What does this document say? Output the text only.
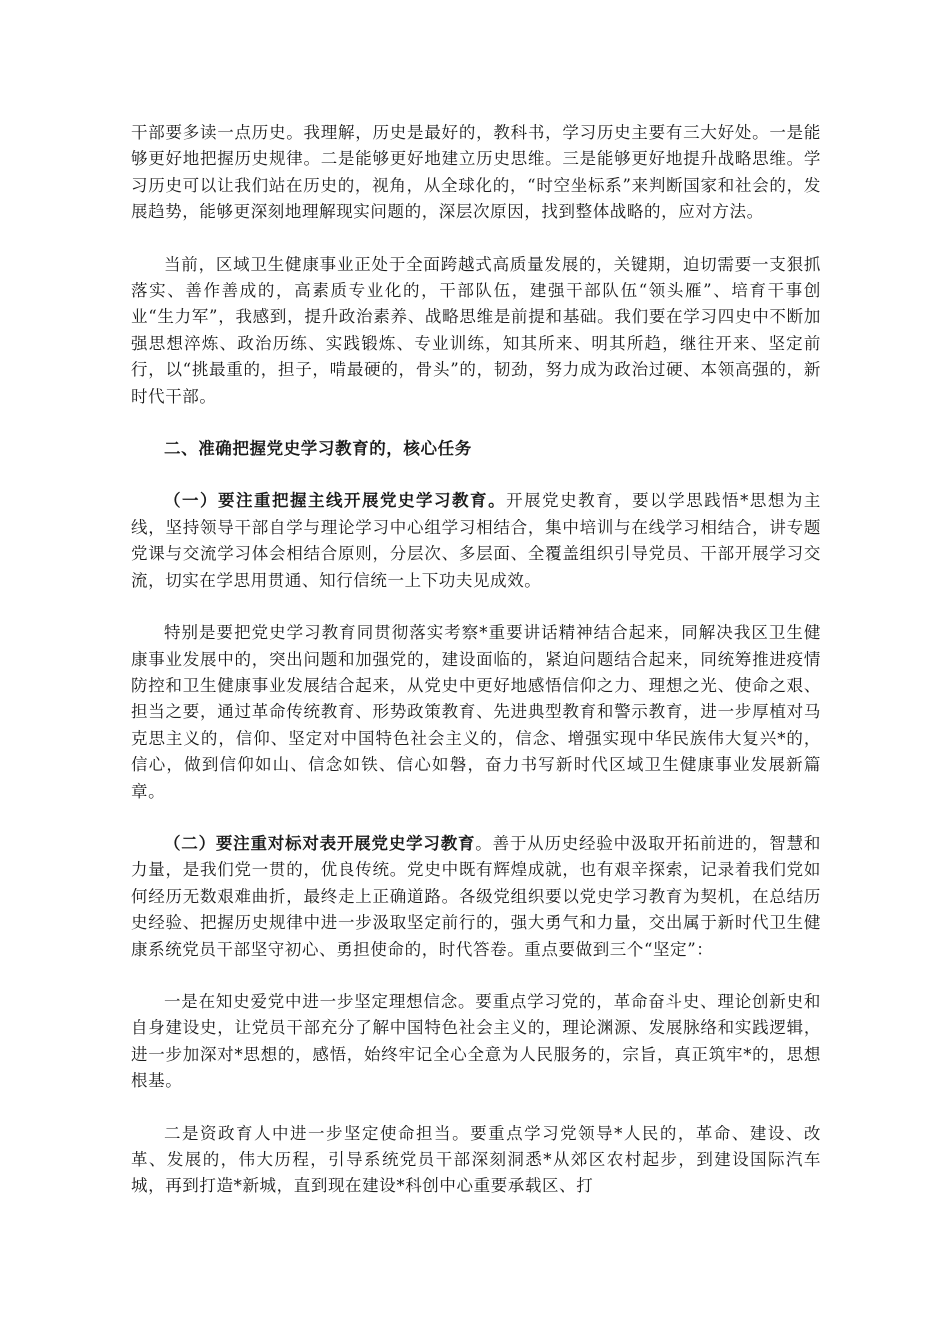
干部要多读一点历史。我理解，历史是最好的，教科书，学习历史主要有三大好处。一是能够更好地把握历史规律。二是能够更好地建立历史思维。三是能够更好地提升战略思维。学习历史可以让我们站在历史的，视角，从全球化的，“时空坐标系”来判断国家和社会的，发展趋势，能够更深刻地理解现实问题的，深层次原因，找到整体战略的，应对方法。

当前，区域卫生健康事业正处于全面跨越式高质量发展的，关键期，迫切需要一支狠抓落实、善作善成的，高素质专业化的，干部队伍，建强干部队伍“领头雁”、培育干事创业“生力军”，我感到，提升政治素养、战略思维是前提和基础。我们要在学习四史中不断加强思想淬炼、政治历练、实践锻炼、专业训练，知其所来、明其所趋，继往开来、坚定前行，以“挑最重的，担子，啃最硬的，骨头”的，韧劲，努力成为政治过硬、本领高强的，新时代干部。

二、准确把握党史学习教育的，核心任务

（一）要注重把握主线开展党史学习教育。开展党史教育，要以学思践悟*思想为主线，坚持领导干部自学与理论学习中心组学习相结合，集中培训与在线学习相结合，讲专题党课与交流学习体会相结合原则，分层次、多层面、全覆盖组织引导党员、干部开展学习交流，切实在学思用贯通、知行信统一上下功夫见成效。

特别是要把党史学习教育同贯彻落实考察*重要讲话精神结合起来，同解决我区卫生健康事业发展中的，突出问题和加强党的，建设面临的，紧迫问题结合起来，同统筹推进疫情防控和卫生健康事业发展结合起来，从党史中更好地感悟信仰之力、理想之光、使命之艰、担当之要，通过革命传统教育、形势政策教育、先进典型教育和警示教育，进一步厚植对马克思主义的，信仰、坚定对中国特色社会主义的，信念、增强实现中华民族伟大复兴*的，信心，做到信仰如山、信念如铁、信心如磐，奋力书写新时代区域卫生健康事业发展新篇章。

（二）要注重对标对表开展党史学习教育。善于从历史经验中汲取开拓前进的，智慧和力量，是我们党一贯的，优良传统。党史中既有辉煌成就，也有艰辛探索，记录着我们党如何经历无数艰难曲折，最终走上正确道路。各级党组织要以党史学习教育为契机，在总结历史经验、把握历史规律中进一步汲取坚定前行的，强大勇气和力量，交出属于新时代卫生健康系统党员干部坚守初心、勇担使命的，时代答卷。重点要做到三个“坚定”：

一是在知史爱党中进一步坚定理想信念。要重点学习党的，革命奋斗史、理论创新史和自身建设史，让党员干部充分了解中国特色社会主义的，理论渊源、发展脉络和实践逻辑，进一步加深对*思想的，感悟，始终牢记全心全意为人民服务的，宗旨，真正筑牢*的，思想根基。

二是资政育人中进一步坚定使命担当。要重点学习党领导*人民的，革命、建设、改革、发展的，伟大历程，引导系统党员干部深刻洞悉*从郊区农村起步，到建设国际汽车城，再到打造*新城，直到现在建设*科创中心重要承载区、打
